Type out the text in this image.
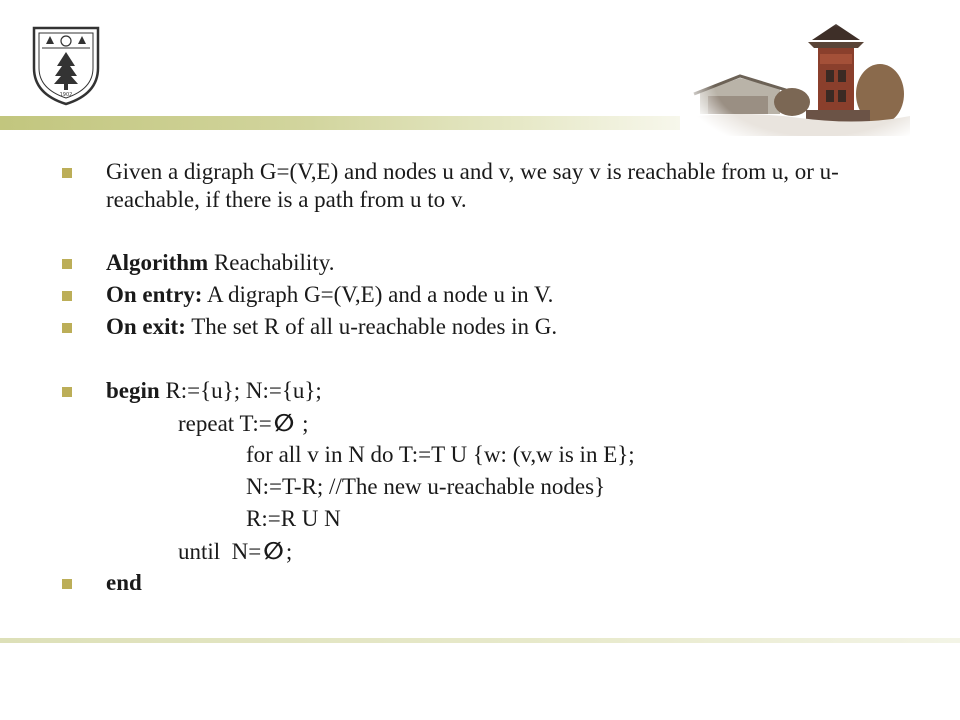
1902
Given a digraph G=(V,E) and nodes u and v, we say v is reachable from u, or u-reachable, if there is a path from u to v.
Algorithm Reachability.
On entry: A digraph G=(V,E) and a node u in V.
On exit: The set R of all u-reachable nodes in G.
begin R:={u}; N:={u};
repeat T:=∅ ;
for all v in N do T:=T U {w: (v,w is in E};
N:=T-R; //The new u-reachable nodes}
R:=R U N
until  N=∅;
end
